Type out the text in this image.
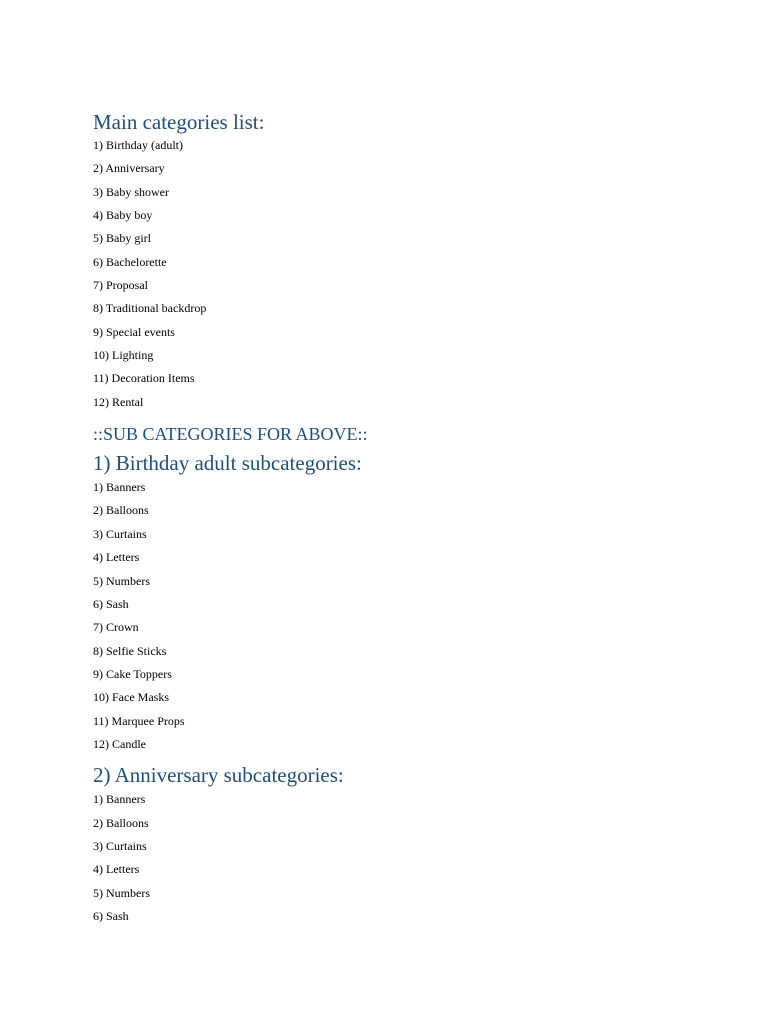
Main categories list:
1) Birthday (adult)
2) Anniversary
3) Baby shower
4) Baby boy
5) Baby girl
6) Bachelorette
7) Proposal
8) Traditional backdrop
9) Special events
10) Lighting
11) Decoration Items
12) Rental
::SUB CATEGORIES FOR ABOVE::
1) Birthday adult subcategories:
1) Banners
2) Balloons
3) Curtains
4) Letters
5) Numbers
6) Sash
7) Crown
8) Selfie Sticks
9) Cake Toppers
10) Face Masks
11) Marquee Props
12) Candle
2) Anniversary subcategories:
1) Banners
2) Balloons
3) Curtains
4) Letters
5) Numbers
6) Sash
